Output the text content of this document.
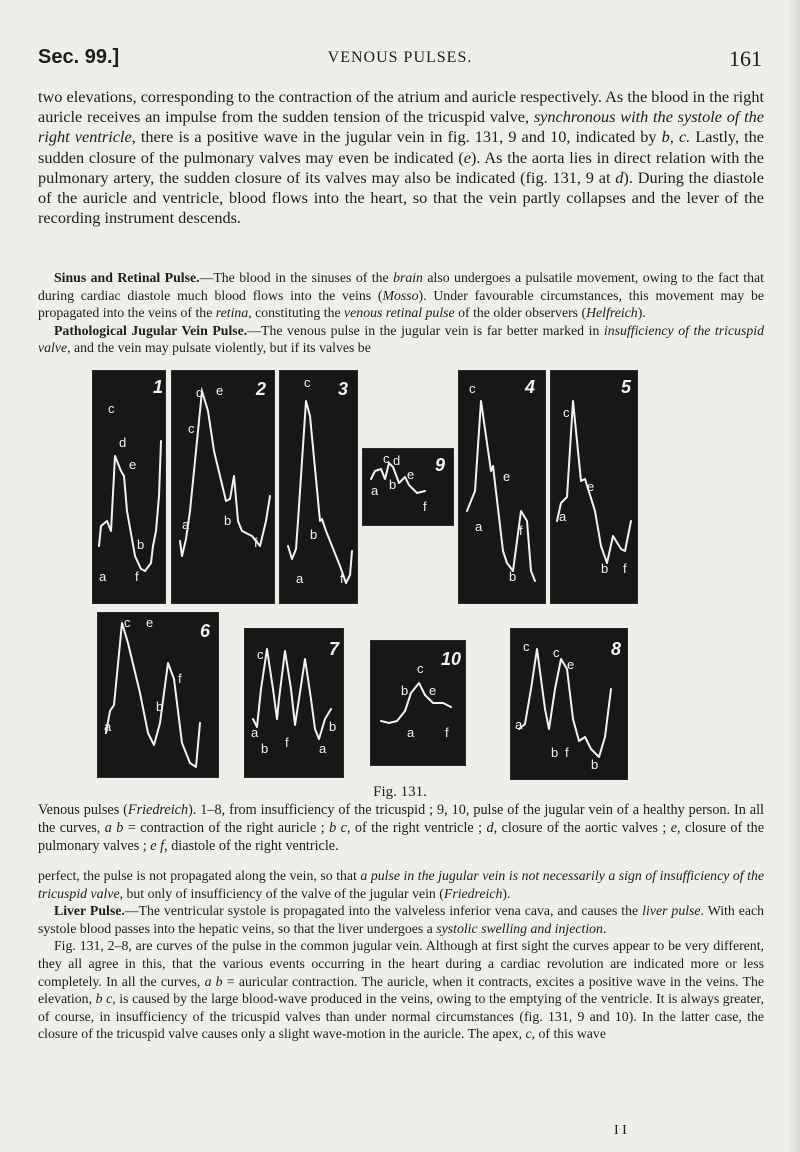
Sec. 99.]	VENOUS PULSES.	161

two elevations, corresponding to the contraction of the atrium and auricle respectively. As the blood in the right auricle receives an impulse from the sudden tension of the tricuspid valve, synchronous with the systole of the right ventricle, there is a positive wave in the jugular vein in fig. 131, 9 and 10, indicated by b, c. Lastly, the sudden closure of the pulmonary valves may even be indicated (e). As the aorta lies in direct relation with the pulmonary artery, the sudden closure of its valves may also be indicated (fig. 131, 9 at d). During the diastole of the auricle and ventricle, blood flows into the heart, so that the vein partly collapses and the lever of the recording instrument descends.

Sinus and Retinal Pulse.—The blood in the sinuses of the brain also undergoes a pulsatile movement, owing to the fact that during cardiac diastole much blood flows into the veins (Mosso). Under favourable circumstances, this movement may be propagated into the veins of the retina, constituting the venous retinal pulse of the older observers (Helfreich).

Pathological Jugular Vein Pulse.—The venous pulse in the jugular vein is far better marked in insufficiency of the tricuspid valve, and the vein may pulsate violently, but if its valves be

1
c
d
e
b
a f
2
d e
c
a	b
f
3
c
b
a	f
9
c d
b
e
a
f
4
c
e
a	f
b
5
c
e
a
b f
6
c e
f
b
a
7
c
a
b f
b
a
10
c
b e
a f
8
c c
e
a
b f
b
Fig. 131.

Venous pulses (Friedreich). 1–8, from insufficiency of the tricuspid ; 9, 10, pulse of the jugular vein of a healthy person. In all the curves, a b = contraction of the right auricle ; b c, of the right ventricle ; d, closure of the aortic valves ; e, closure of the pulmonary valves ; e f, diastole of the right ventricle.

perfect, the pulse is not propagated along the vein, so that a pulse in the jugular vein is not necessarily a sign of insufficiency of the tricuspid valve, but only of insufficiency of the valve of the jugular vein (Friedreich).

Liver Pulse.—The ventricular systole is propagated into the valveless inferior vena cava, and causes the liver pulse. With each systole blood passes into the hepatic veins, so that the liver undergoes a systolic swelling and injection.

Fig. 131, 2–8, are curves of the pulse in the common jugular vein. Although at first sight the curves appear to be very different, they all agree in this, that the various events occurring in the heart during a cardiac revolution are indicated more or less completely. In all the curves, a b = auricular contraction. The auricle, when it contracts, excites a positive wave in the veins. The elevation, b c, is caused by the large blood-wave produced in the veins, owing to the emptying of the ventricle. It is always greater, of course, in insufficiency of the tricuspid valves than under normal circumstances (fig. 131, 9 and 10). In the latter case, the closure of the tricuspid valve causes only a slight wave-motion in the auricle. The apex, c, of this wave

I I
